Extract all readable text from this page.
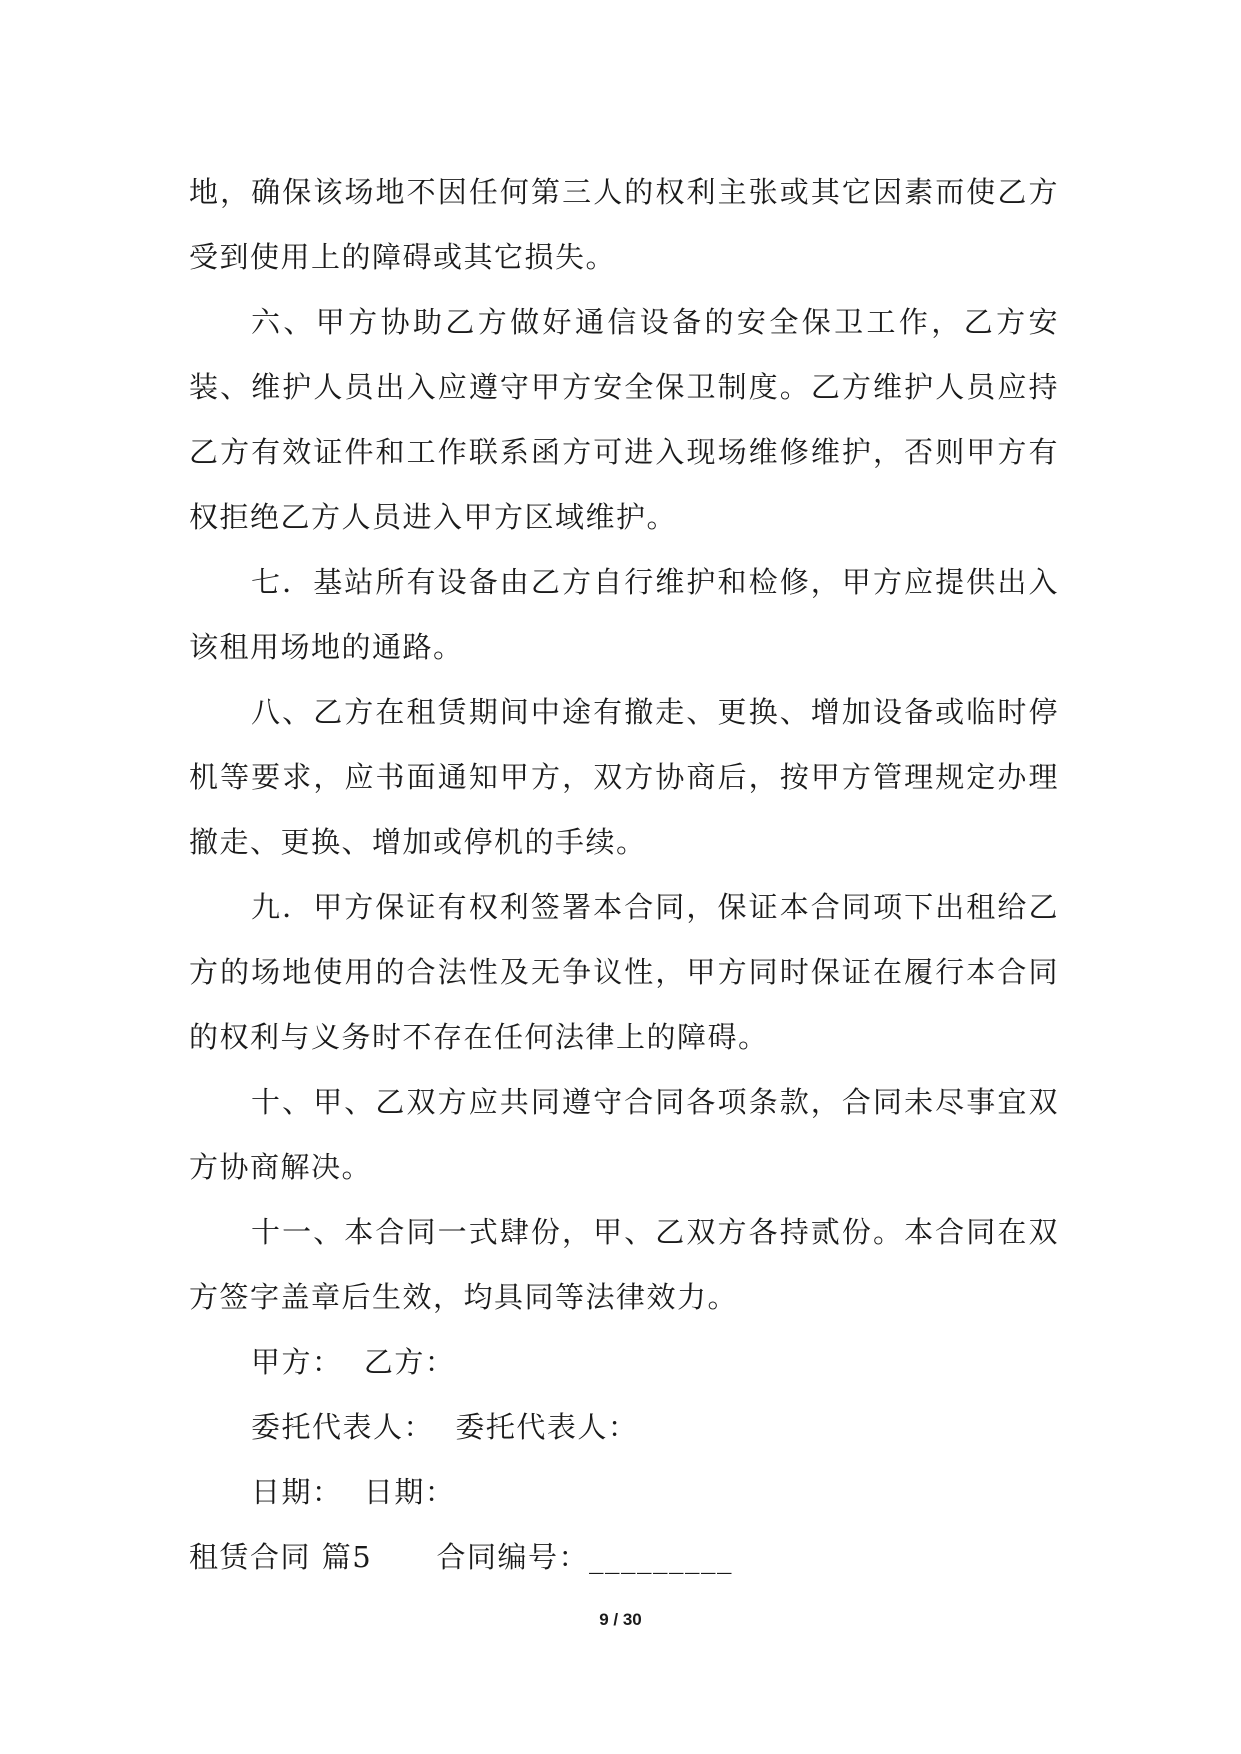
地，确保该场地不因任何第三人的权利主张或其它因素而使乙方受到使用上的障碍或其它损失。

六、甲方协助乙方做好通信设备的安全保卫工作，乙方安装、维护人员出入应遵守甲方安全保卫制度。乙方维护人员应持乙方有效证件和工作联系函方可进入现场维修维护，否则甲方有权拒绝乙方人员进入甲方区域维护。

七．基站所有设备由乙方自行维护和检修，甲方应提供出入该租用场地的通路。

八、乙方在租赁期间中途有撤走、更换、增加设备或临时停机等要求，应书面通知甲方，双方协商后，按甲方管理规定办理撤走、更换、增加或停机的手续。

九．甲方保证有权利签署本合同，保证本合同项下出租给乙方的场地使用的合法性及无争议性，甲方同时保证在履行本合同的权利与义务时不存在任何法律上的障碍。

十、甲、乙双方应共同遵守合同各项条款，合同未尽事宜双方协商解决。

十一、本合同一式肆份，甲、乙双方各持贰份。本合同在双方签字盖章后生效，均具同等法律效力。

甲方：  乙方：

委托代表人：  委托代表人：

日期：  日期：

租赁合同 篇5      合同编号：_________

9 / 30
